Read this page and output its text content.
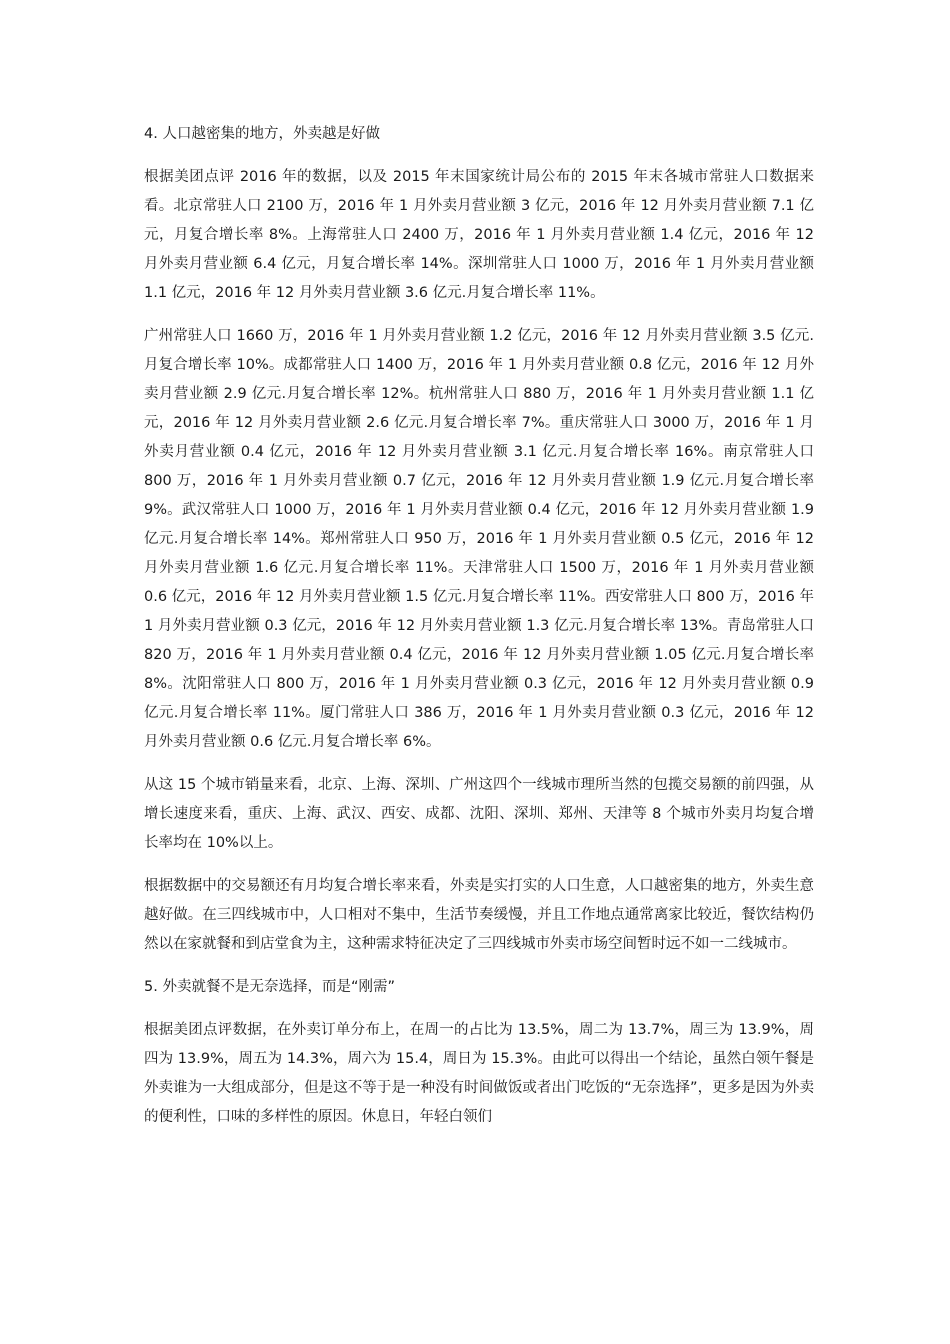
4. 人口越密集的地方，外卖越是好做

根据美团点评 2016 年的数据，以及 2015 年末国家统计局公布的 2015 年末各城市常驻人口数据来看。北京常驻人口 2100 万，2016 年 1 月外卖月营业额 3 亿元，2016 年 12 月外卖月营业额 7.1 亿元，月复合增长率 8%。上海常驻人口 2400 万，2016 年 1 月外卖月营业额 1.4 亿元，2016 年 12 月外卖月营业额 6.4 亿元，月复合增长率 14%。深圳常驻人口 1000 万，2016 年 1 月外卖月营业额 1.1 亿元，2016 年 12 月外卖月营业额 3.6 亿元.月复合增长率 11%。

广州常驻人口 1660 万，2016 年 1 月外卖月营业额 1.2 亿元，2016 年 12 月外卖月营业额 3.5 亿元.月复合增长率 10%。成都常驻人口 1400 万，2016 年 1 月外卖月营业额 0.8 亿元，2016 年 12 月外卖月营业额 2.9 亿元.月复合增长率 12%。杭州常驻人口 880 万，2016 年 1 月外卖月营业额 1.1 亿元，2016 年 12 月外卖月营业额 2.6 亿元.月复合增长率 7%。重庆常驻人口 3000 万，2016 年 1 月外卖月营业额 0.4 亿元，2016 年 12 月外卖月营业额 3.1 亿元.月复合增长率 16%。南京常驻人口 800 万，2016 年 1 月外卖月营业额 0.7 亿元，2016 年 12 月外卖月营业额 1.9 亿元.月复合增长率 9%。武汉常驻人口 1000 万，2016 年 1 月外卖月营业额 0.4 亿元，2016 年 12 月外卖月营业额 1.9 亿元.月复合增长率 14%。郑州常驻人口 950 万，2016 年 1 月外卖月营业额 0.5 亿元，2016 年 12 月外卖月营业额 1.6 亿元.月复合增长率 11%。天津常驻人口 1500 万，2016 年 1 月外卖月营业额 0.6 亿元，2016 年 12 月外卖月营业额 1.5 亿元.月复合增长率 11%。西安常驻人口 800 万，2016 年 1 月外卖月营业额 0.3 亿元，2016 年 12 月外卖月营业额 1.3 亿元.月复合增长率 13%。青岛常驻人口 820 万，2016 年 1 月外卖月营业额 0.4 亿元，2016 年 12 月外卖月营业额 1.05 亿元.月复合增长率 8%。沈阳常驻人口 800 万，2016 年 1 月外卖月营业额 0.3 亿元，2016 年 12 月外卖月营业额 0.9 亿元.月复合增长率 11%。厦门常驻人口 386 万，2016 年 1 月外卖月营业额 0.3 亿元，2016 年 12 月外卖月营业额 0.6 亿元.月复合增长率 6%。

从这 15 个城市销量来看，北京、上海、深圳、广州这四个一线城市理所当然的包揽交易额的前四强，从增长速度来看，重庆、上海、武汉、西安、成都、沈阳、深圳、郑州、天津等 8 个城市外卖月均复合增长率均在 10%以上。

根据数据中的交易额还有月均复合增长率来看，外卖是实打实的人口生意，人口越密集的地方，外卖生意越好做。在三四线城市中，人口相对不集中，生活节奏缓慢，并且工作地点通常离家比较近，餐饮结构仍然以在家就餐和到店堂食为主，这种需求特征决定了三四线城市外卖市场空间暂时远不如一二线城市。

5. 外卖就餐不是无奈选择，而是“刚需”

根据美团点评数据，在外卖订单分布上，在周一的占比为 13.5%，周二为 13.7%，周三为 13.9%，周四为 13.9%，周五为 14.3%，周六为 15.4，周日为 15.3%。由此可以得出一个结论，虽然白领午餐是外卖谁为一大组成部分，但是这不等于是一种没有时间做饭或者出门吃饭的“无奈选择”，更多是因为外卖的便利性，口味的多样性的原因。休息日，年轻白领们
